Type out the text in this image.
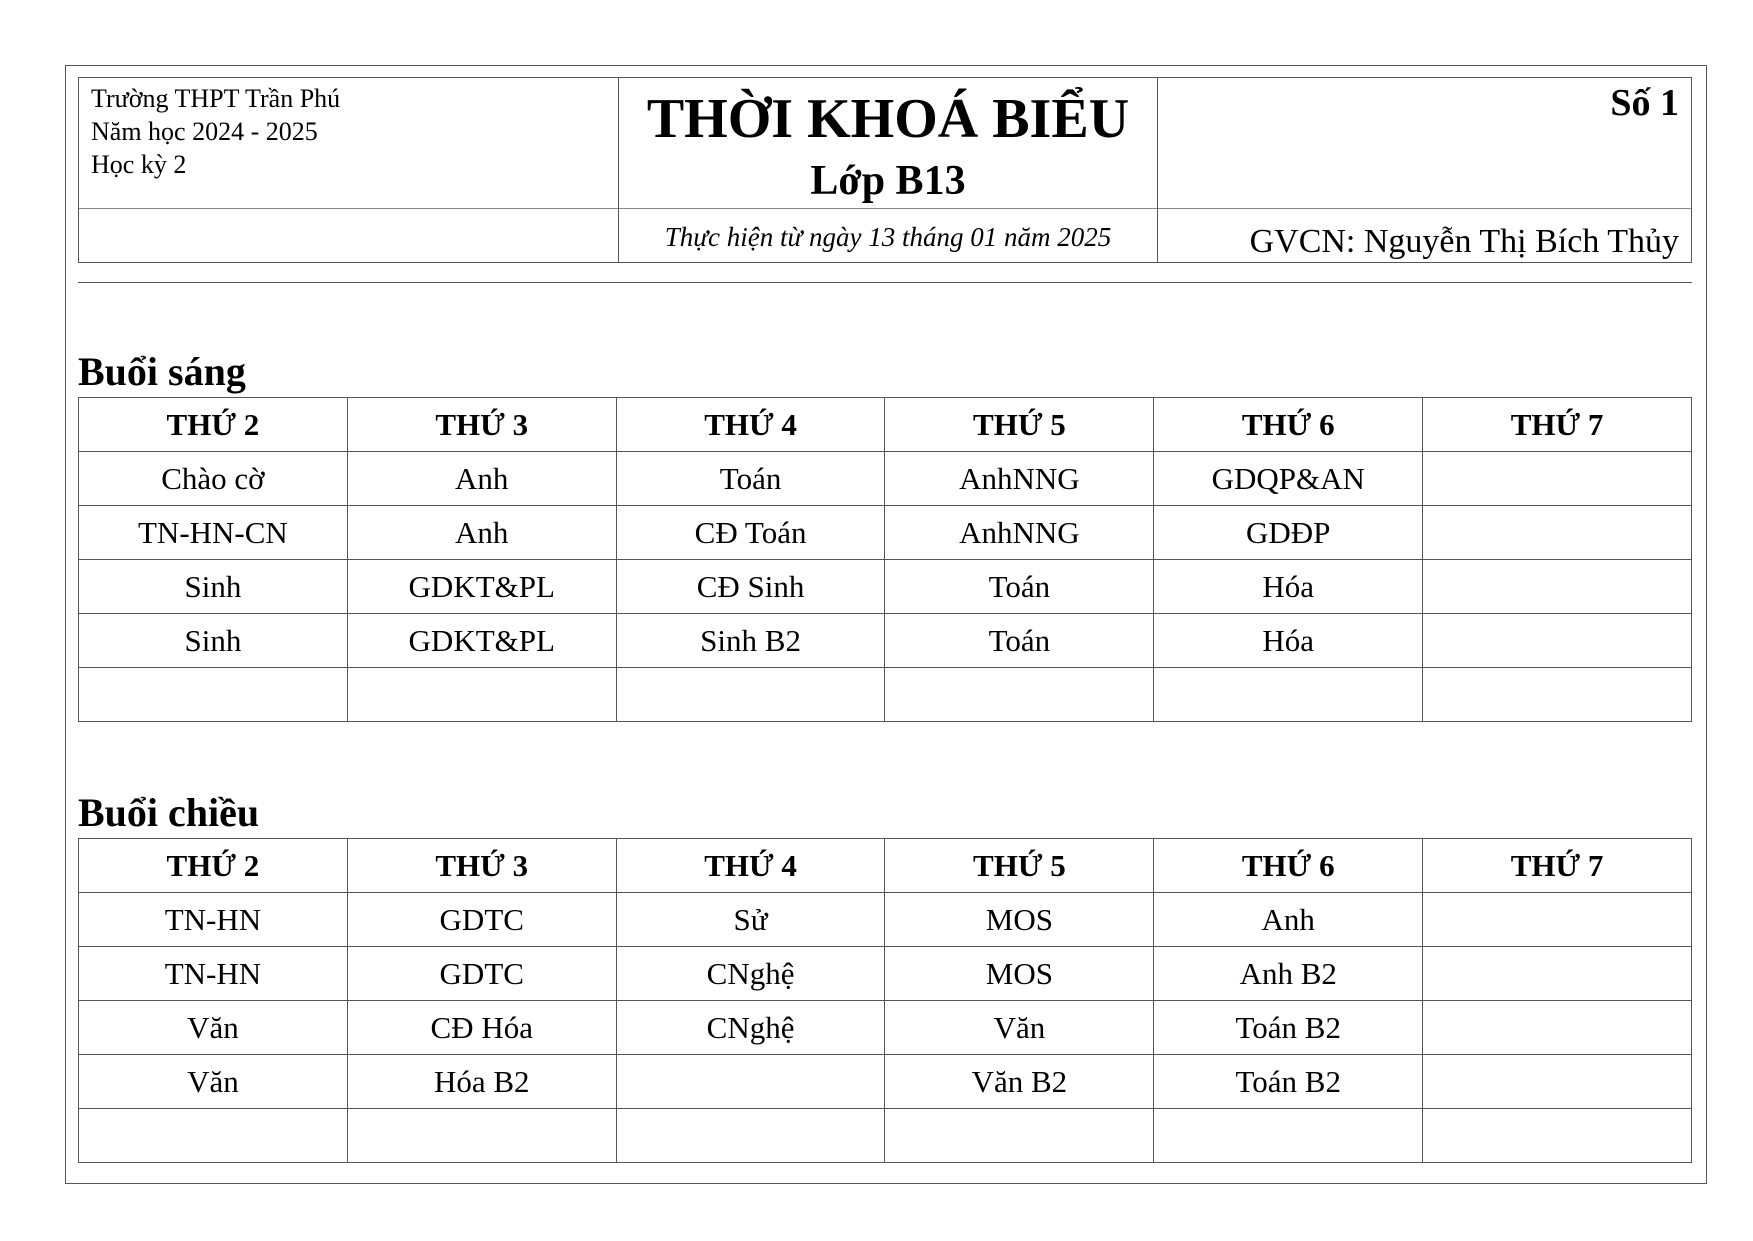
Trường THPT Trần Phú
Năm học 2024 - 2025
Học kỳ 2
THỜI KHOÁ BIỂU
Lớp B13
Thực hiện từ ngày 13 tháng 01 năm 2025
Số 1
GVCN: Nguyễn Thị Bích Thủy
Buổi sáng
THỨ 2	THỨ 3	THỨ 4	THỨ 5	THỨ 6	THỨ 7
Chào cờ	Anh	Toán	AnhNNG	GDQP&AN	
TN-HN-CN	Anh	CĐ Toán	AnhNNG	GDĐP	
Sinh	GDKT&PL	CĐ Sinh	Toán	Hóa	
Sinh	GDKT&PL	Sinh B2	Toán	Hóa	

Buổi chiều
THỨ 2	THỨ 3	THỨ 4	THỨ 5	THỨ 6	THỨ 7
TN-HN	GDTC	Sử	MOS	Anh	
TN-HN	GDTC	CNghệ	MOS	Anh B2	
Văn	CĐ Hóa	CNghệ	Văn	Toán B2	
Văn	Hóa B2		Văn B2	Toán B2	
